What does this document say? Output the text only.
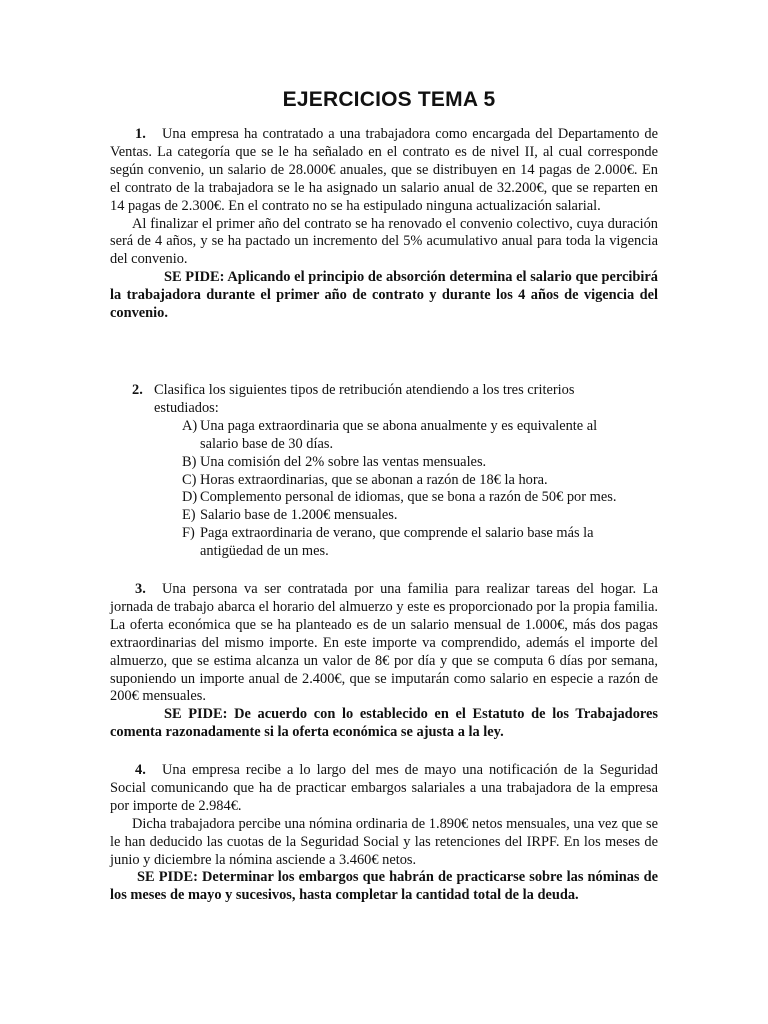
EJERCICIOS TEMA 5

1. Una empresa ha contratado a una trabajadora como encargada del Departamento de Ventas. La categoría que se le ha señalado en el contrato es de nivel II, al cual corresponde según convenio, un salario de 28.000€ anuales, que se distribuyen en 14 pagas de 2.000€. En el contrato de la trabajadora se le ha asignado un salario anual de 32.200€, que se reparten en 14 pagas de 2.300€. En el contrato no se ha estipulado ninguna actualización salarial.

Al finalizar el primer año del contrato se ha renovado el convenio colectivo, cuya duración será de 4 años, y se ha pactado un incremento del 5% acumulativo anual para toda la vigencia del convenio.

SE PIDE: Aplicando el principio de absorción determina el salario que percibirá la trabajadora durante el primer año de contrato y durante los 4 años de vigencia del convenio.

2. Clasifica los siguientes tipos de retribución atendiendo a los tres criterios estudiados:
A) Una paga extraordinaria que se abona anualmente y es equivalente al salario base de 30 días.
B) Una comisión del 2% sobre las ventas mensuales.
C) Horas extraordinarias, que se abonan a razón de 18€ la hora.
D) Complemento personal de idiomas, que se bona a razón de 50€ por mes.
E) Salario base de 1.200€ mensuales.
F) Paga extraordinaria de verano, que comprende el salario base más la antigüedad de un mes.

3. Una persona va ser contratada por una familia para realizar tareas del hogar. La jornada de trabajo abarca el horario del almuerzo y este es proporcionado por la propia familia. La oferta económica que se ha planteado es de un salario mensual de 1.000€, más dos pagas extraordinarias del mismo importe. En este importe va comprendido, además el importe del almuerzo, que se estima alcanza un valor de 8€ por día y que se computa 6 días por semana, suponiendo un importe anual de 2.400€, que se imputarán como salario en especie a razón de 200€ mensuales.

SE PIDE: De acuerdo con lo establecido en el Estatuto de los Trabajadores comenta razonadamente si la oferta económica se ajusta a la ley.

4. Una empresa recibe a lo largo del mes de mayo una notificación de la Seguridad Social comunicando que ha de practicar embargos salariales a una trabajadora de la empresa por importe de 2.984€.

Dicha trabajadora percibe una nómina ordinaria de 1.890€ netos mensuales, una vez que se le han deducido las cuotas de la Seguridad Social y las retenciones del IRPF. En los meses de junio y diciembre la nómina asciende a 3.460€ netos.

SE PIDE: Determinar los embargos que habrán de practicarse sobre las nóminas de los meses de mayo y sucesivos, hasta completar la cantidad total de la deuda.
